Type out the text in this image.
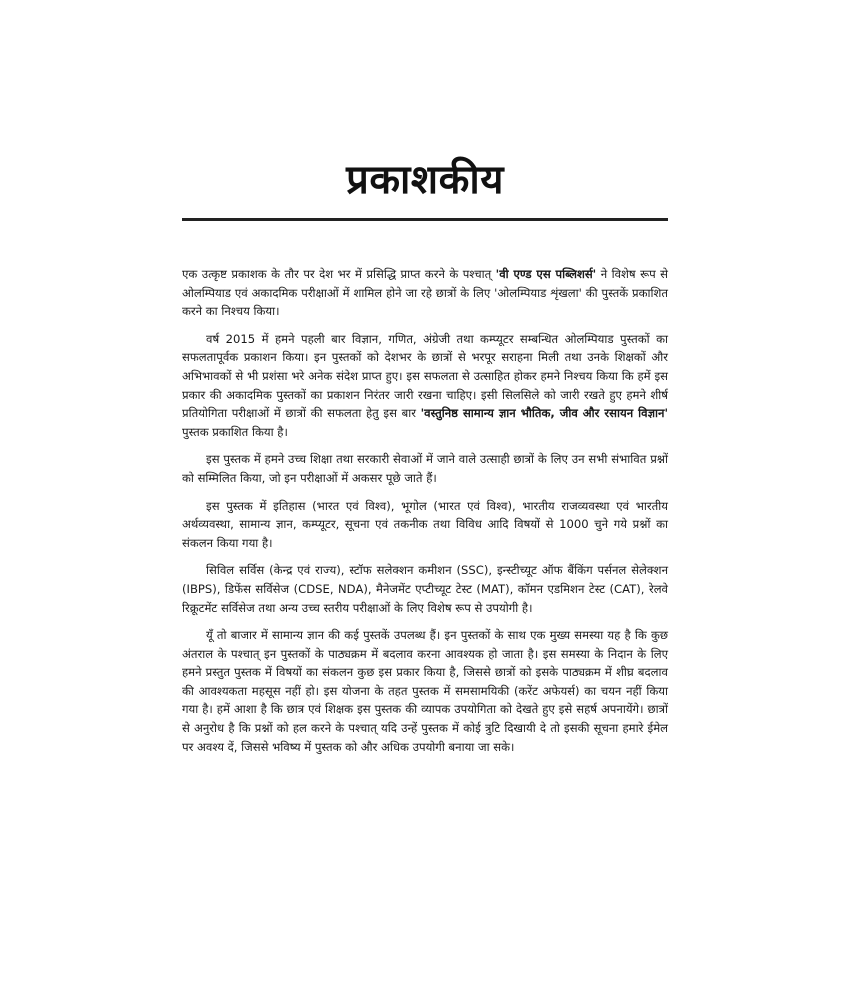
प्रकाशकीय

एक उत्कृष्ट प्रकाशक के तौर पर देश भर में प्रसिद्धि प्राप्त करने के पश्चात् 'वी एण्ड एस पब्लिशर्स' ने विशेष रूप से ओलम्पियाड एवं अकादमिक परीक्षाओं में शामिल होने जा रहे छात्रों के लिए 'ओलम्पियाड शृंखला' की पुस्तकें प्रकाशित करने का निश्चय किया।

वर्ष 2015 में हमने पहली बार विज्ञान, गणित, अंग्रेजी तथा कम्प्यूटर सम्बन्धित ओलम्पियाड पुस्तकों का सफलतापूर्वक प्रकाशन किया। इन पुस्तकों को देशभर के छात्रों से भरपूर सराहना मिली तथा उनके शिक्षकों और अभिभावकों से भी प्रशंसा भरे अनेक संदेश प्राप्त हुए। इस सफलता से उत्साहित होकर हमने निश्चय किया कि हमें इस प्रकार की अकादमिक पुस्तकों का प्रकाशन निरंतर जारी रखना चाहिए। इसी सिलसिले को जारी रखते हुए हमने शीर्ष प्रतियोगिता परीक्षाओं में छात्रों की सफलता हेतु इस बार 'वस्तुनिष्ठ सामान्य ज्ञान भौतिक, जीव और रसायन विज्ञान' पुस्तक प्रकाशित किया है।

इस पुस्तक में हमने उच्च शिक्षा तथा सरकारी सेवाओं में जाने वाले उत्साही छात्रों के लिए उन सभी संभावित प्रश्नों को सम्मिलित किया, जो इन परीक्षाओं में अकसर पूछे जाते हैं।

इस पुस्तक में इतिहास (भारत एवं विश्व), भूगोल (भारत एवं विश्व), भारतीय राजव्यवस्था एवं भारतीय अर्थव्यवस्था, सामान्य ज्ञान, कम्प्यूटर, सूचना एवं तकनीक तथा विविध आदि विषयों से 1000 चुने गये प्रश्नों का संकलन किया गया है।

सिविल सर्विस (केन्द्र एवं राज्य), स्टॉफ सलेक्शन कमीशन (SSC), इन्स्टीच्यूट ऑफ बैंकिंग पर्सनल सेलेक्शन (IBPS), डिफेंस सर्विसेज (CDSE, NDA), मैनेजमेंट एप्टीच्यूट टेस्ट (MAT), कॉमन एडमिशन टेस्ट (CAT), रेलवे रिक्रूटमेंट सर्विसेज तथा अन्य उच्च स्तरीय परीक्षाओं के लिए विशेष रूप से उपयोगी है।

यूँ तो बाजार में सामान्य ज्ञान की कई पुस्तकें उपलब्ध हैं। इन पुस्तकों के साथ एक मुख्य समस्या यह है कि कुछ अंतराल के पश्चात् इन पुस्तकों के पाठ्यक्रम में बदलाव करना आवश्यक हो जाता है। इस समस्या के निदान के लिए हमने प्रस्तुत पुस्तक में विषयों का संकलन कुछ इस प्रकार किया है, जिससे छात्रों को इसके पाठ्यक्रम में शीघ्र बदलाव की आवश्यकता महसूस नहीं हो। इस योजना के तहत पुस्तक में समसामयिकी (करेंट अफेयर्स) का चयन नहीं किया गया है। हमें आशा है कि छात्र एवं शिक्षक इस पुस्तक की व्यापक उपयोगिता को देखते हुए इसे सहर्ष अपनायेंगे। छात्रों से अनुरोध है कि प्रश्नों को हल करने के पश्चात् यदि उन्हें पुस्तक में कोई त्रुटि दिखायी दे तो इसकी सूचना हमारे ईमेल पर अवश्य दें, जिससे भविष्य में पुस्तक को और अधिक उपयोगी बनाया जा सके।
